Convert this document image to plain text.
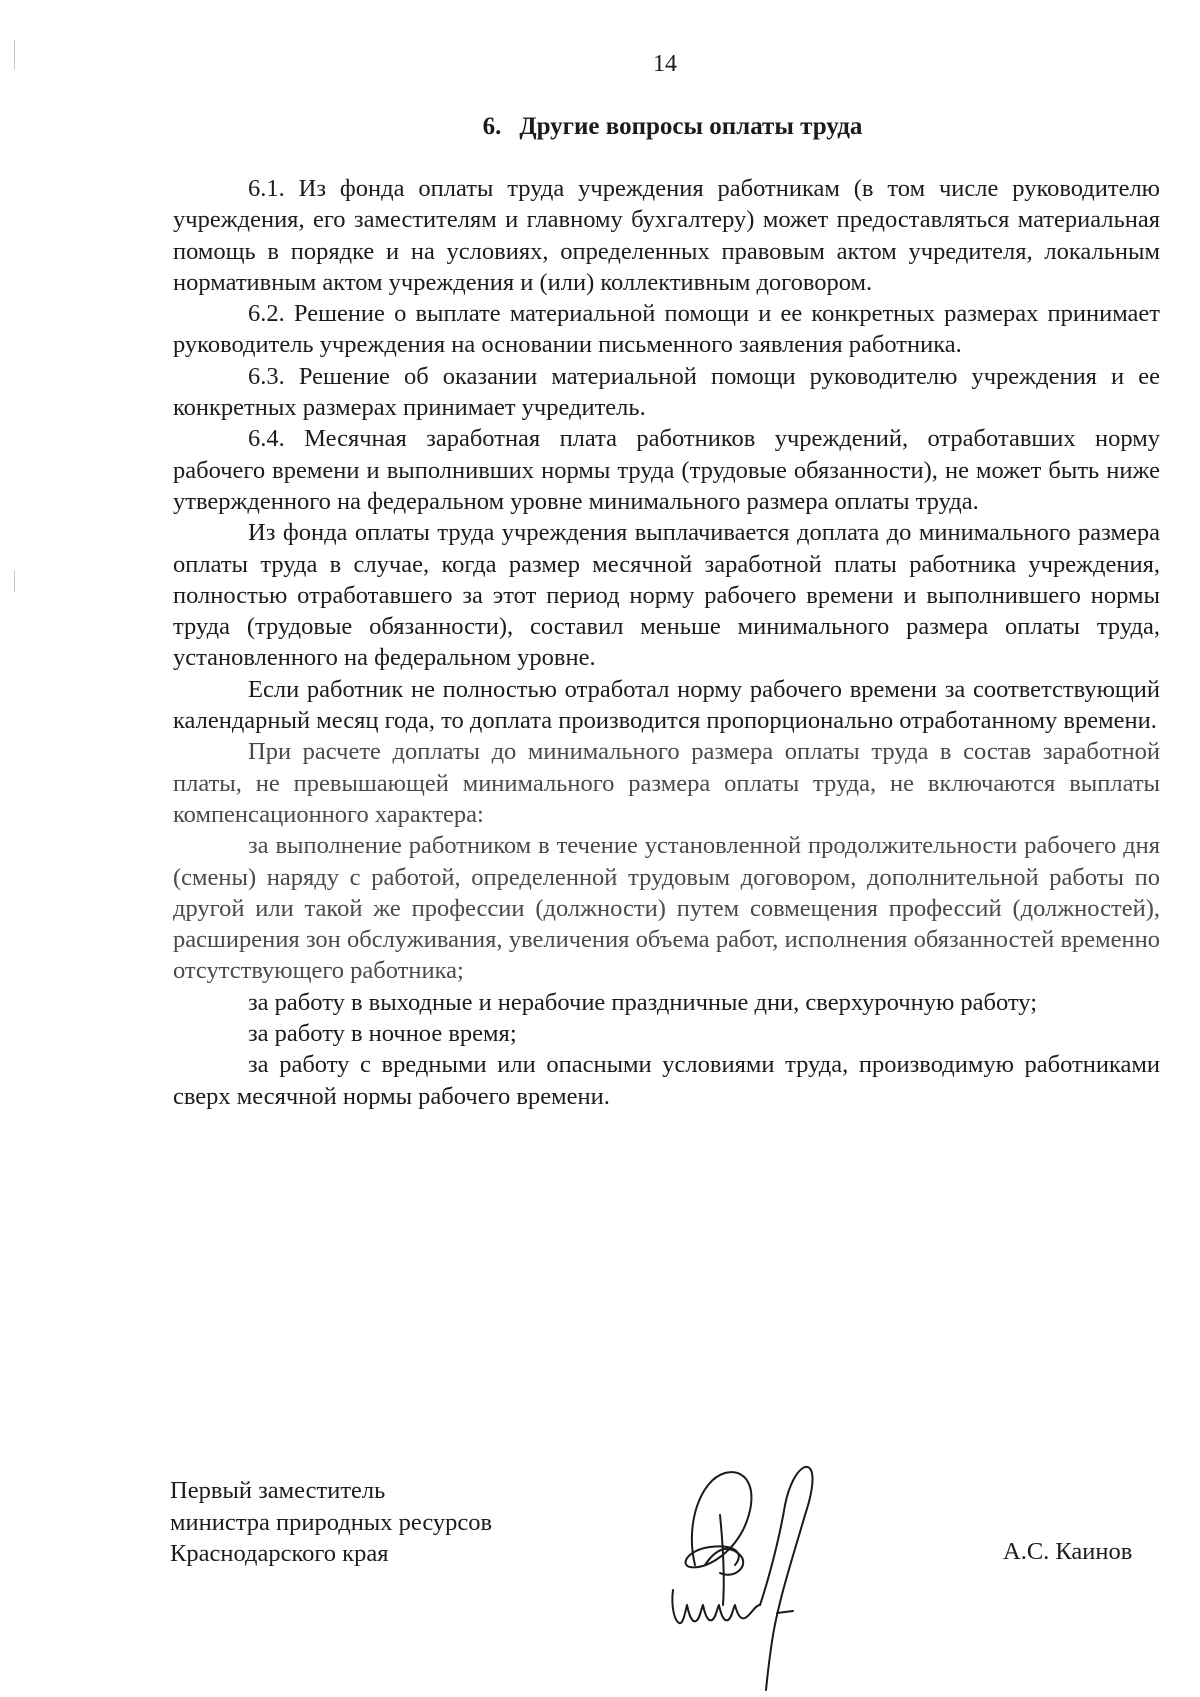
14
6. Другие вопросы оплаты труда

6.1. Из фонда оплаты труда учреждения работникам (в том числе руководителю учреждения, его заместителям и главному бухгалтеру) может предоставляться материальная помощь в порядке и на условиях, определенных правовым актом учредителя, локальным нормативным актом учреждения и (или) коллективным договором.

6.2. Решение о выплате материальной помощи и ее конкретных размерах принимает руководитель учреждения на основании письменного заявления работника.

6.3. Решение об оказании материальной помощи руководителю учреждения и ее конкретных размерах принимает учредитель.

6.4. Месячная заработная плата работников учреждений, отработавших норму рабочего времени и выполнивших нормы труда (трудовые обязанности), не может быть ниже утвержденного на федеральном уровне минимального размера оплаты труда.

Из фонда оплаты труда учреждения выплачивается доплата до минимального размера оплаты труда в случае, когда размер месячной заработной платы работника учреждения, полностью отработавшего за этот период норму рабочего времени и выполнившего нормы труда (трудовые обязанности), составил меньше минимального размера оплаты труда, установленного на федеральном уровне.

Если работник не полностью отработал норму рабочего времени за соответствующий календарный месяц года, то доплата производится пропорционально отработанному времени.

При расчете доплаты до минимального размера оплаты труда в состав заработной платы, не превышающей минимального размера оплаты труда, не включаются выплаты компенсационного характера:

за выполнение работником в течение установленной продолжительности рабочего дня (смены) наряду с работой, определенной трудовым договором, дополнительной работы по другой или такой же профессии (должности) путем совмещения профессий (должностей), расширения зон обслуживания, увеличения объема работ, исполнения обязанностей временно отсутствующего работника;

за работу в выходные и нерабочие праздничные дни, сверхурочную работу;

за работу в ночное время;

за работу с вредными или опасными условиями труда, производимую работниками сверх месячной нормы рабочего времени.

Первый заместитель
министра природных ресурсов
Краснодарского края	А.С. Каинов
